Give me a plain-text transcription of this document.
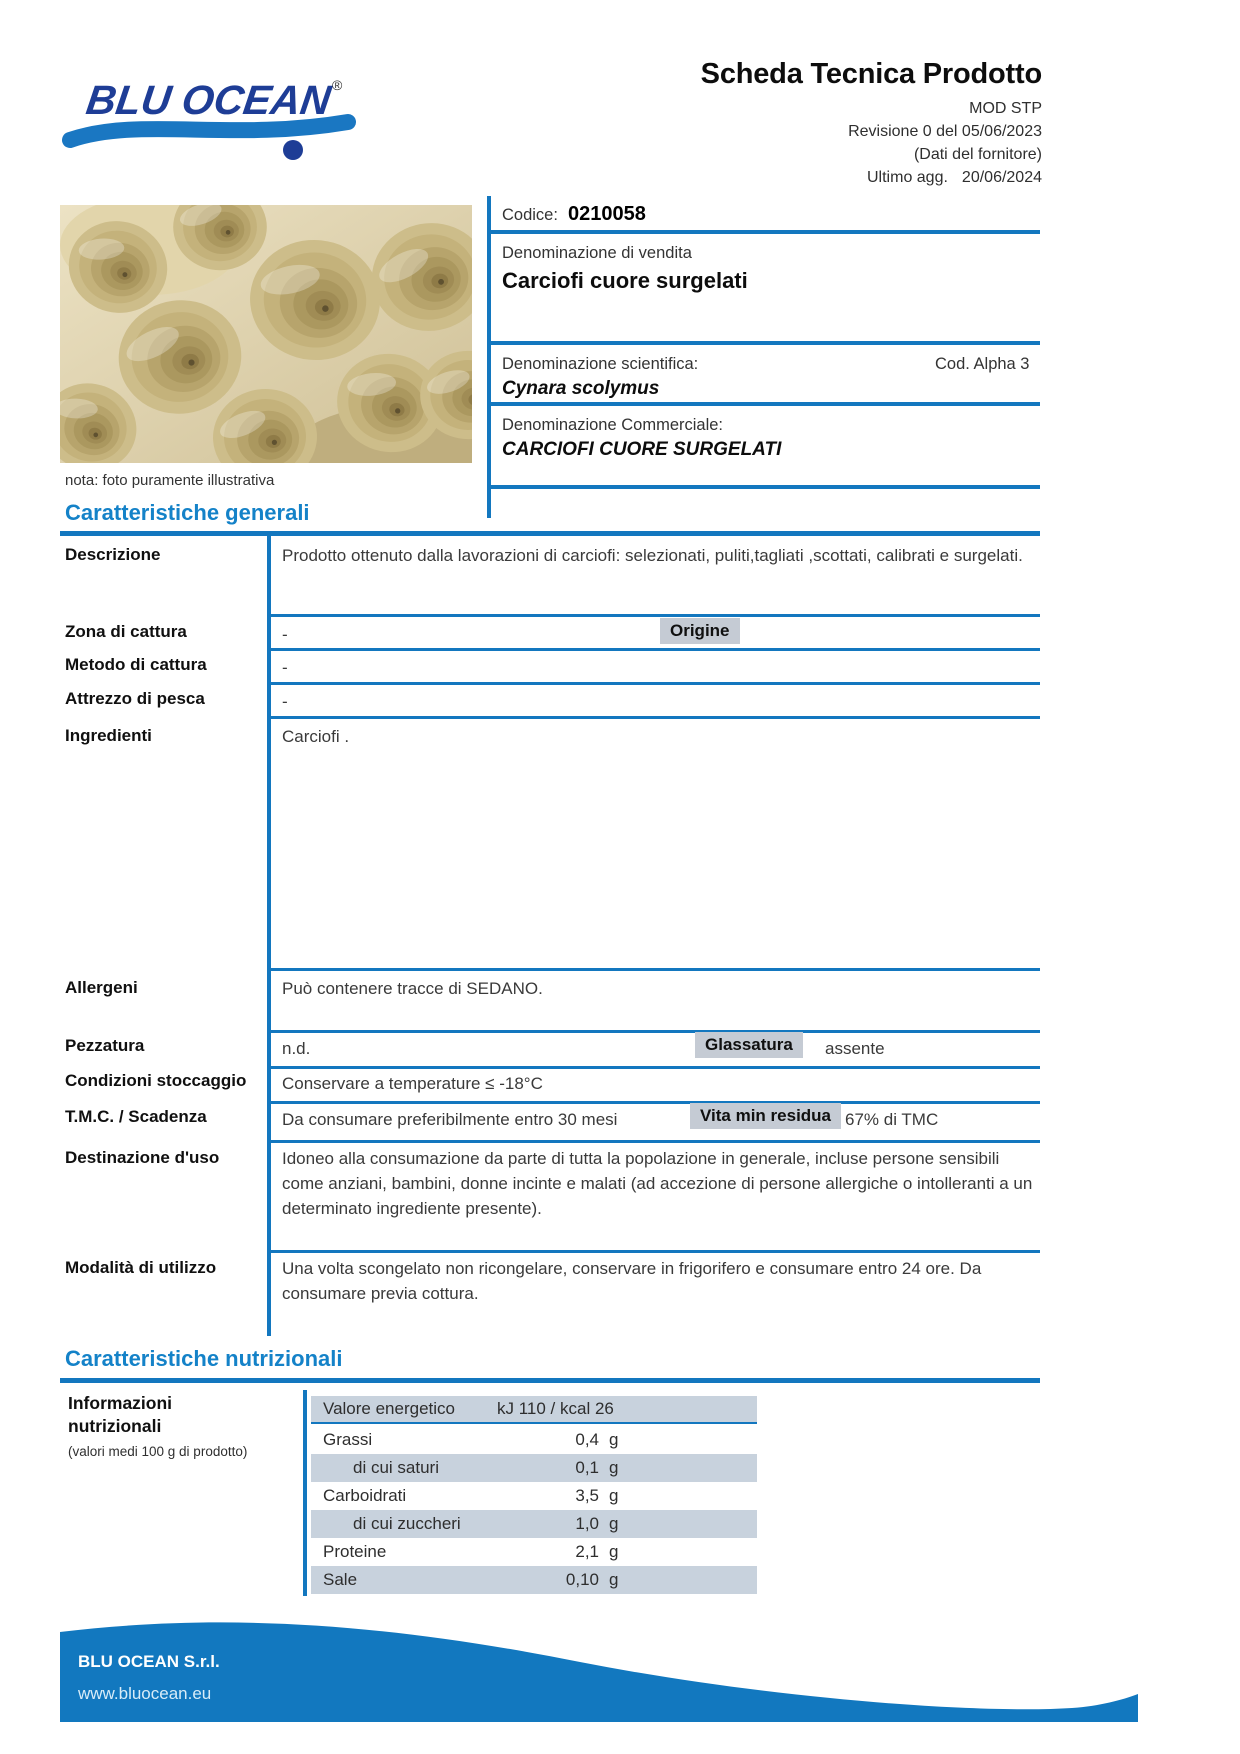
BLU OCEAN
®	Scheda Tecnica Prodotto
MOD STP
Revisione 0 del 05/06/2023
(Dati del fornitore)
Ultimo agg. 20/06/2024
nota: foto puramente illustrativa
Codice: 0210058
Denominazione di vendita
Carciofi cuore surgelati
Denominazione scientifica:	Cod. Alpha 3
Cynara scolymus
Denominazione Commerciale:
CARCIOFI CUORE SURGELATI
Caratteristiche generali
Descrizione	Prodotto ottenuto dalla lavorazioni di carciofi: selezionati, puliti,tagliati ,scottati, calibrati e surgelati.
Zona di cattura	-	Origine
Metodo di cattura	-
Attrezzo di pesca	-
Ingredienti	Carciofi .
Allergeni	Può contenere tracce di SEDANO.
Pezzatura	n.d.	Glassatura	assente
Condizioni stoccaggio	Conservare a temperature ≤ -18°C
T.M.C. / Scadenza	Da consumare preferibilmente entro 30 mesi	Vita min residua 67% di TMC
Destinazione d'uso	Idoneo alla consumazione da parte di tutta la popolazione in generale, incluse persone sensibili come anziani, bambini, donne incinte e malati (ad accezione di persone allergiche o intolleranti a un determinato ingrediente presente).
Modalità di utilizzo	Una volta scongelato non ricongelare, conservare in frigorifero e consumare entro 24 ore. Da consumare previa cottura.
Caratteristiche nutrizionali
Informazioni nutrizionali
(valori medi 100 g di prodotto)
Valore energetico	kJ 110 / kcal 26
Grassi	0,4 g
di cui saturi	0,1 g
Carboidrati	3,5 g
di cui zuccheri	1,0 g
Proteine	2,1 g
Sale	0,10 g
BLU OCEAN S.r.l.
www.bluocean.eu
